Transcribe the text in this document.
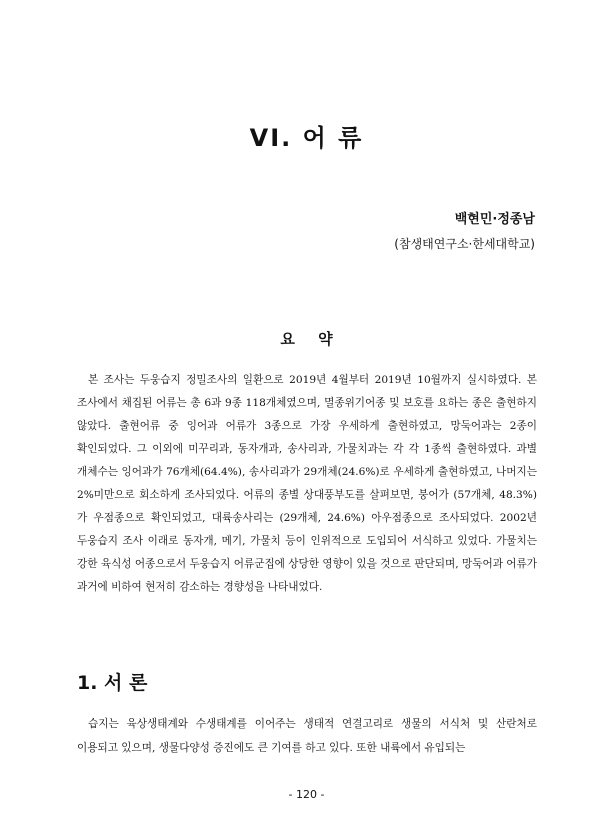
VI. 어 류
백현민·정종남
(참생태연구소·한세대학교)
요 약

본 조사는 두웅습지 정밀조사의 일환으로 2019년 4월부터 2019년 10월까지 실시하였다. 본 조사에서 채집된 어류는 총 6과 9종 118개체였으며, 멸종위기어종 및 보호를 요하는 종은 출현하지 않았다. 출현어류 중 잉어과 어류가 3종으로 가장 우세하게 출현하였고, 망둑어과는 2종이 확인되었다. 그 이외에 미꾸리과, 동자개과, 송사리과, 가물치과는 각 각 1종씩 출현하였다. 과별 개체수는 잉어과가 76개체(64.4%), 송사리과가 29개체(24.6%)로 우세하게 출현하였고, 나머지는 2%미만으로 회소하게 조사되었다. 어류의 종별 상대풍부도를 살펴보면, 붕어가 (57개체, 48.3%)가 우점종으로 확인되었고, 대륙송사리는 (29개체, 24.6%) 아우점종으로 조사되었다. 2002년 두웅습지 조사 이래로 동자개, 메기, 가물치 등이 인위적으로 도입되어 서식하고 있었다. 가물치는 강한 육식성 어종으로서 두웅습지 어류군집에 상당한 영향이 있을 것으로 판단되며, 망둑어과 어류가 과거에 비하여 현저히 감소하는 경향성을 나타내었다.

1. 서 론

습지는 육상생태계와 수생태계를 이어주는 생태적 연결고리로 생물의 서식처 및 산란처로 이용되고 있으며, 생물다양성 증진에도 큰 기여를 하고 있다. 또한 내륙에서 유입되는

- 120 -
